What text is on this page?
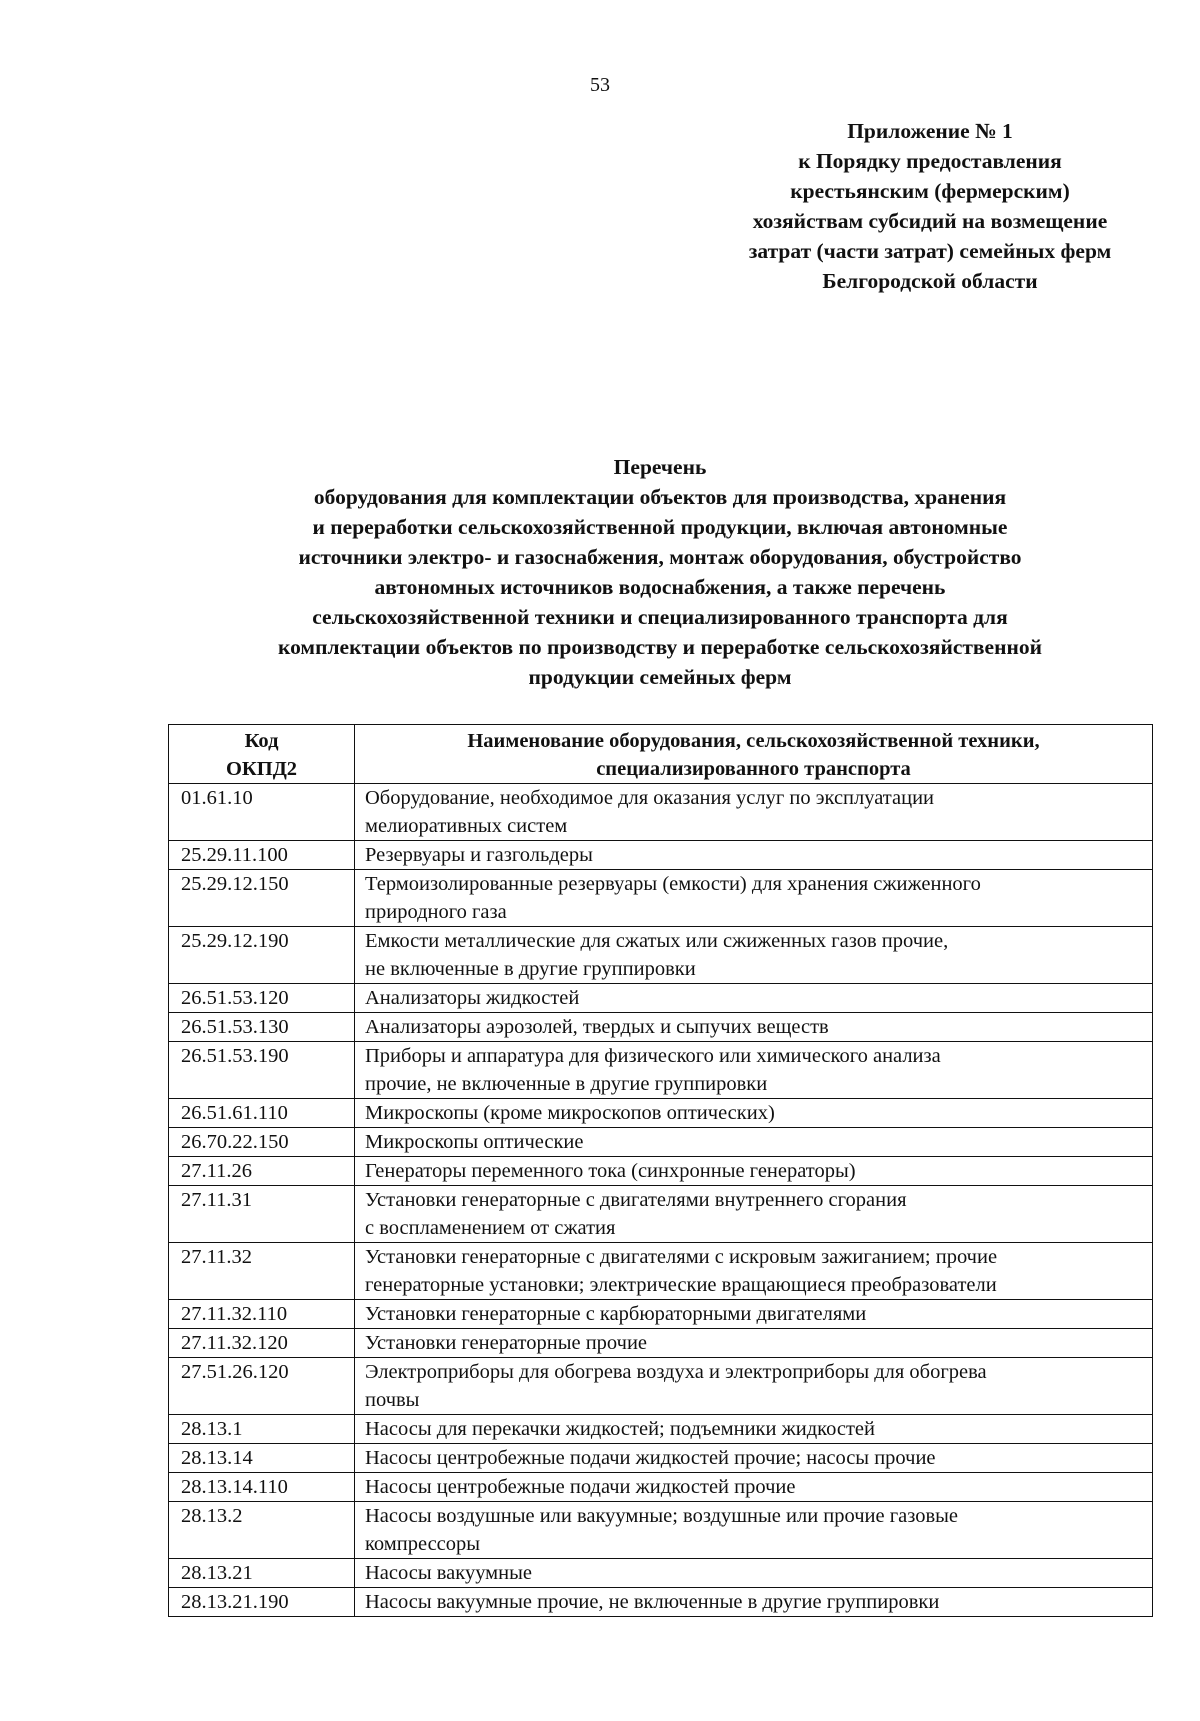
53
Приложение № 1
к Порядку предоставления
крестьянским (фермерским)
хозяйствам субсидий на возмещение
затрат (части затрат) семейных ферм
Белгородской области
Перечень
оборудования для комплектации объектов для производства, хранения
и переработки сельскохозяйственной продукции, включая автономные
источники электро- и газоснабжения, монтаж оборудования, обустройство
автономных источников водоснабжения, а также перечень
сельскохозяйственной техники и специализированного транспорта для
комплектации объектов по производству и переработке сельскохозяйственной
продукции семейных ферм
Код
ОКПД2	Наименование оборудования, сельскохозяйственной техники,
специализированного транспорта

01.61.10	Оборудование, необходимое для оказания услуг по эксплуатации
мелиоративных систем

25.29.11.100	Резервуары и газгольдеры

25.29.12.150	Термоизолированные резервуары (емкости) для хранения сжиженного
природного газа

25.29.12.190	Емкости металлические для сжатых или сжиженных газов прочие,
не включенные в другие группировки

26.51.53.120	Анализаторы жидкостей

26.51.53.130	Анализаторы аэрозолей, твердых и сыпучих веществ

26.51.53.190	Приборы и аппаратура для физического или химического анализа
прочие, не включенные в другие группировки

26.51.61.110	Микроскопы (кроме микроскопов оптических)

26.70.22.150	Микроскопы оптические

27.11.26	Генераторы переменного тока (синхронные генераторы)

27.11.31	Установки генераторные с двигателями внутреннего сгорания
с воспламенением от сжатия

27.11.32	Установки генераторные с двигателями с искровым зажиганием; прочие
генераторные установки; электрические вращающиеся преобразователи

27.11.32.110	Установки генераторные с карбюраторными двигателями

27.11.32.120	Установки генераторные прочие

27.51.26.120	Электроприборы для обогрева воздуха и электроприборы для обогрева
почвы

28.13.1	Насосы для перекачки жидкостей; подъемники жидкостей

28.13.14	Насосы центробежные подачи жидкостей прочие; насосы прочие

28.13.14.110	Насосы центробежные подачи жидкостей прочие

28.13.2	Насосы воздушные или вакуумные; воздушные или прочие газовые
компрессоры

28.13.21	Насосы вакуумные

28.13.21.190	Насосы вакуумные прочие, не включенные в другие группировки
